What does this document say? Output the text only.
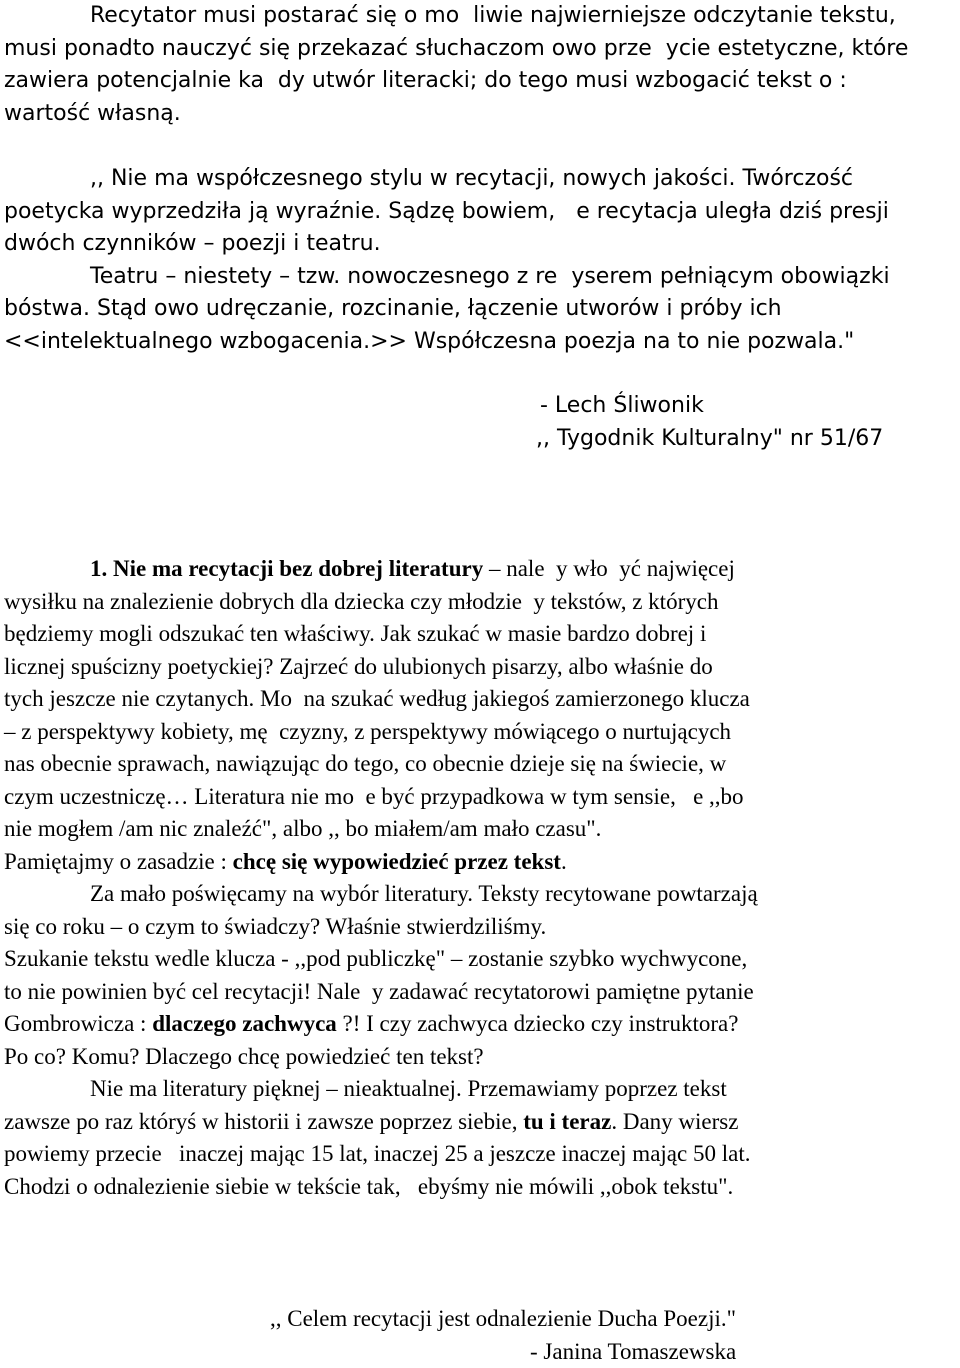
Recytator musi postarać się o mo  liwie najwierniejsze odczytanie tekstu,
musi ponadto nauczyć się przekazać słuchaczom owo prze  ycie estetyczne, które
zawiera potencjalnie ka  dy utwór literacki; do tego musi wzbogacić tekst o :
wartość własną.
,, Nie ma współczesnego stylu w recytacji, nowych jakości. Twórczość
poetycka wyprzedziła ją wyraźnie. Sądzę bowiem,   e recytacja uległa dziś presji
dwóch czynników – poezji i teatru.
Teatru – niestety – tzw. nowoczesnego z re  yserem pełniącym obowiązki
bóstwa. Stąd owo udręczanie, rozcinanie, łączenie utworów i próby ich
<<intelektualnego wzbogacenia.>> Współczesna poezja na to nie pozwala."
- Lech Śliwonik
,, Tygodnik Kulturalny" nr 51/67
1. Nie ma recytacji bez dobrej literatury – nale  y wło  yć najwięcej
wysiłku na znalezienie dobrych dla dziecka czy młodzie  y tekstów, z których
będziemy mogli odszukać ten właściwy. Jak szukać w masie bardzo dobrej i
licznej spuścizny poetyckiej? Zajrzeć do ulubionych pisarzy, albo właśnie do
tych jeszcze nie czytanych. Mo  na szukać według jakiegoś zamierzonego klucza
– z perspektywy kobiety, mę  czyzny, z perspektywy mówiącego o nurtujących
nas obecnie sprawach, nawiązując do tego, co obecnie dzieje się na świecie, w
czym uczestniczę… Literatura nie mo  e być przypadkowa w tym sensie,   e ,,bo
nie mogłem /am nic znaleźć", albo ,, bo miałem/am mało czasu".
Pamiętajmy o zasadzie : chcę się wypowiedzieć przez tekst.
Za mało poświęcamy na wybór literatury. Teksty recytowane powtarzają
się co roku – o czym to świadczy? Właśnie stwierdziliśmy.
Szukanie tekstu wedle klucza - ,,pod publiczkę" – zostanie szybko wychwycone,
to nie powinien być cel recytacji! Nale  y zadawać recytatorowi pamiętne pytanie
Gombrowicza : dlaczego zachwyca ?! I czy zachwyca dziecko czy instruktora?
Po co? Komu? Dlaczego chcę powiedzieć ten tekst?
Nie ma literatury pięknej – nieaktualnej. Przemawiamy poprzez tekst
zawsze po raz któryś w historii i zawsze poprzez siebie, tu i teraz. Dany wiersz
powiemy przecie   inaczej mając 15 lat, inaczej 25 a jeszcze inaczej mając 50 lat.
Chodzi o odnalezienie siebie w tekście tak,   ebyśmy nie mówili ,,obok tekstu".
,, Celem recytacji jest odnalezienie Ducha Poezji."
- Janina Tomaszewska
